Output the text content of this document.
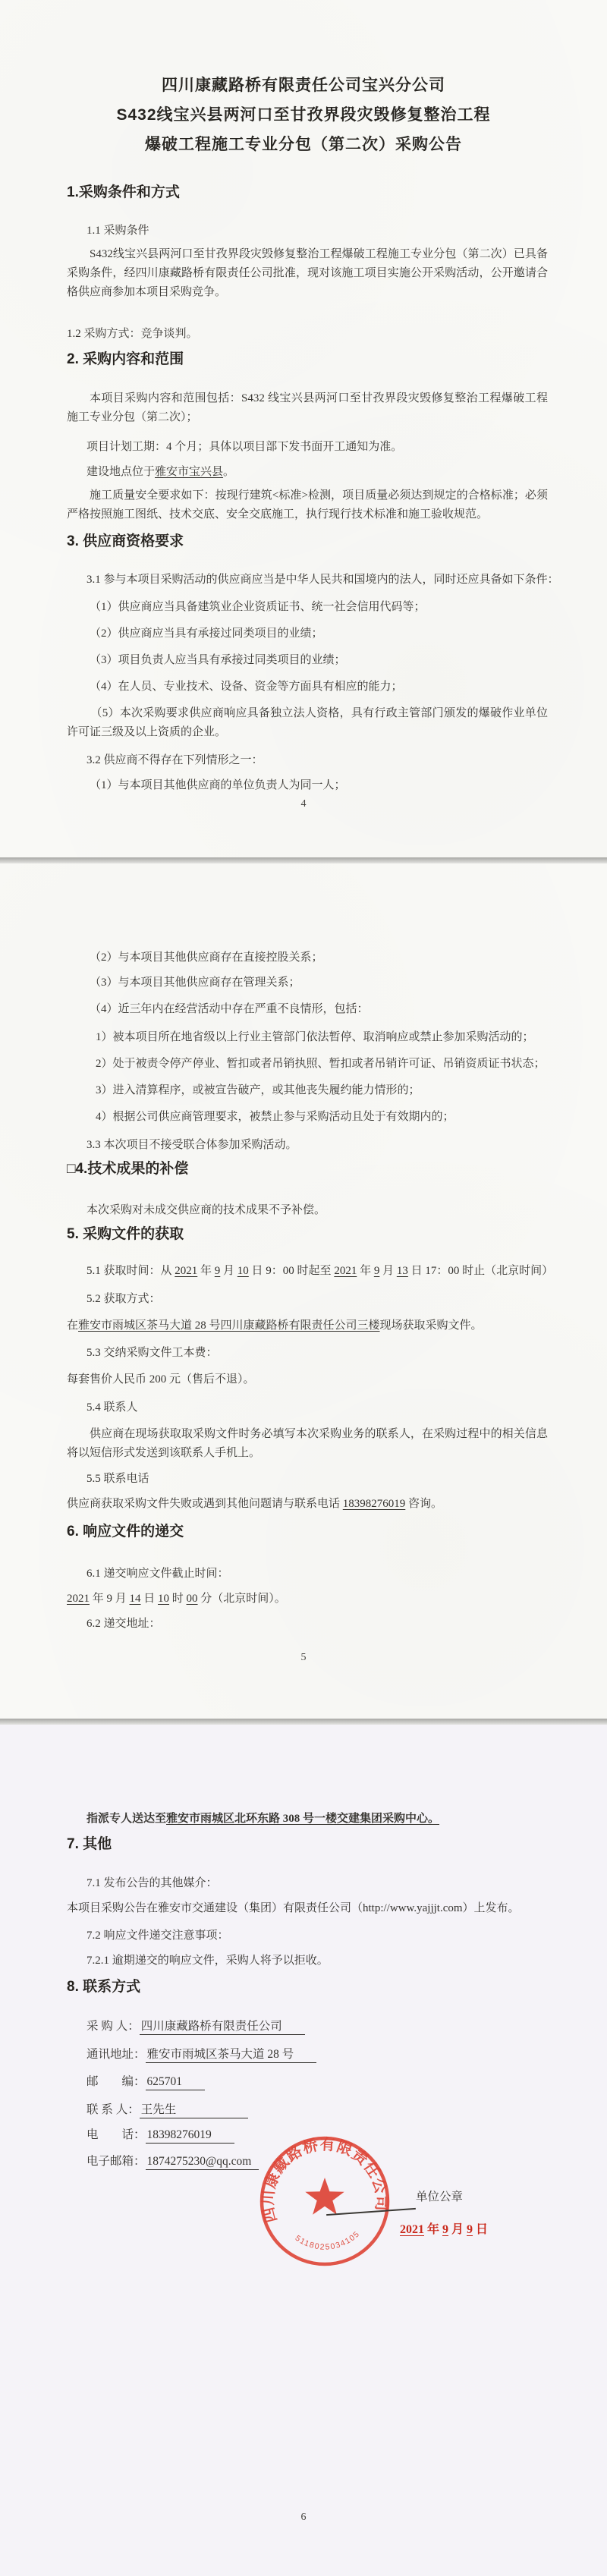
四川康藏路桥有限责任公司宝兴分公司
S432线宝兴县两河口至甘孜界段灾毁修复整治工程
爆破工程施工专业分包（第二次）采购公告
1.采购条件和方式
1.1 采购条件
S432线宝兴县两河口至甘孜界段灾毁修复整治工程爆破工程施工专业分包（第二次）已具备采购条件，经四川康藏路桥有限责任公司批准，现对该施工项目实施公开采购活动，公开邀请合格供应商参加本项目采购竞争。
1.2 采购方式：竞争谈判。
2. 采购内容和范围
本项目采购内容和范围包括：S432 线宝兴县两河口至甘孜界段灾毁修复整治工程爆破工程施工专业分包（第二次）；
项目计划工期：4 个月；具体以项目部下发书面开工通知为准。
建设地点位于雅安市宝兴县。
施工质量安全要求如下：按现行建筑<标准>检测，项目质量必须达到规定的合格标准；必须严格按照施工图纸、技术交底、安全交底施工，执行现行技术标准和施工验收规范。
3. 供应商资格要求
3.1 参与本项目采购活动的供应商应当是中华人民共和国境内的法人，同时还应具备如下条件：
（1）供应商应当具备建筑业企业资质证书、统一社会信用代码等；
（2）供应商应当具有承接过同类项目的业绩；
（3）项目负责人应当具有承接过同类项目的业绩；
（4）在人员、专业技术、设备、资金等方面具有相应的能力；
（5）本次采购要求供应商响应具备独立法人资格，具有行政主管部门颁发的爆破作业单位许可证三级及以上资质的企业。
3.2 供应商不得存在下列情形之一：
（1）与本项目其他供应商的单位负责人为同一人；
4
（2）与本项目其他供应商存在直接控股关系；
（3）与本项目其他供应商存在管理关系；
（4）近三年内在经营活动中存在严重不良情形，包括：
1）被本项目所在地省级以上行业主管部门依法暂停、取消响应或禁止参加采购活动的；
2）处于被责令停产停业、暂扣或者吊销执照、暂扣或者吊销许可证、吊销资质证书状态；
3）进入清算程序，或被宣告破产，或其他丧失履约能力情形的；
4）根据公司供应商管理要求，被禁止参与采购活动且处于有效期内的；
3.3 本次项目不接受联合体参加采购活动。
□4.技术成果的补偿
本次采购对未成交供应商的技术成果不予补偿。
5. 采购文件的获取
5.1 获取时间：从 2021 年 9 月 10 日 9：00 时起至 2021 年 9 月 13 日 17：00 时止（北京时间）
5.2 获取方式：
在雅安市雨城区茶马大道 28 号四川康藏路桥有限责任公司三楼现场获取采购文件。
5.3 交纳采购文件工本费：
每套售价人民币 200 元（售后不退）。
5.4 联系人
供应商在现场获取取采购文件时务必填写本次采购业务的联系人，在采购过程中的相关信息将以短信形式发送到该联系人手机上。
5.5 联系电话
供应商获取采购文件失败或遇到其他问题请与联系电话 18398276019 咨询。
6. 响应文件的递交
6.1 递交响应文件截止时间：
2021 年 9 月 14 日 10 时 00 分（北京时间）。
6.2 递交地址：
5
指派专人送达至雅安市雨城区北环东路 308 号一楼交建集团采购中心。
7. 其他
7.1 发布公告的其他媒介：
本项目采购公告在雅安市交通建设（集团）有限责任公司（http://www.yajjjt.com）上发布。
7.2 响应文件递交注意事项：
7.2.1 逾期递交的响应文件，采购人将予以拒收。
8. 联系方式
采 购 人： 四川康藏路桥有限责任公司
通讯地址： 雅安市雨城区茶马大道 28 号
邮　　编： 625701
联 系 人： 王先生
电　　话： 18398276019
电子邮箱： 1874275230@qq.com
四川康藏路桥有限责任公司
5118025034105
单位公章
2021 年 9 月 9 日
6
